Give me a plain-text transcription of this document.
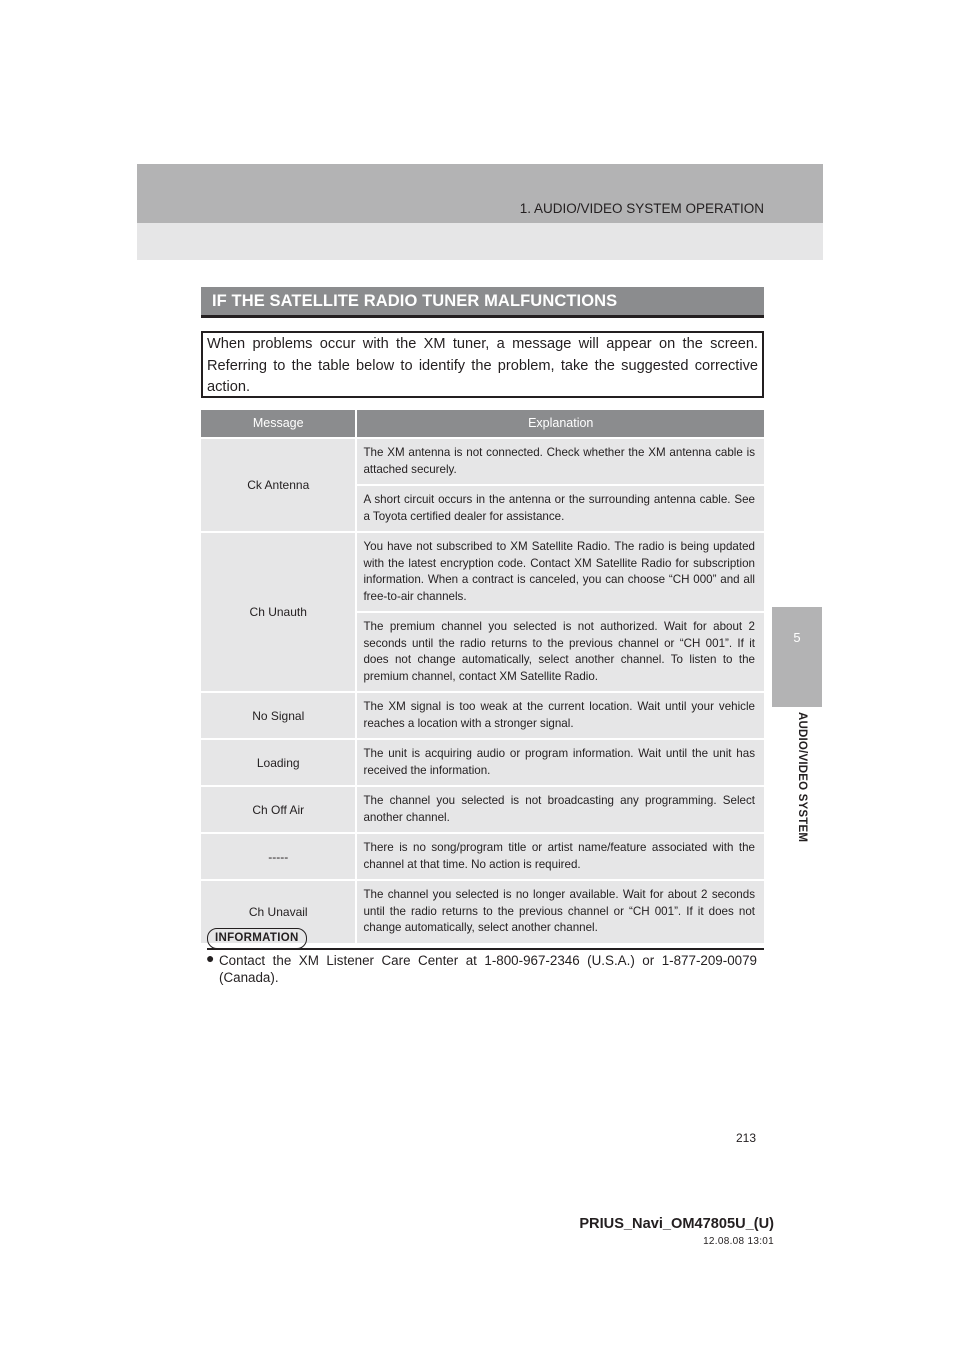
1. AUDIO/VIDEO SYSTEM OPERATION
5
AUDIO/VIDEO SYSTEM
IF THE SATELLITE RADIO TUNER MALFUNCTIONS
When problems occur with the XM tuner, a message will appear on the screen. Referring to the table below to identify the problem, take the suggested corrective action.
Message	Explanation
Ck Antenna
The XM antenna is not connected. Check whether the XM antenna cable is attached securely.
A short circuit occurs in the antenna or the surrounding antenna cable. See a Toyota certified dealer for assistance.
Ch Unauth
You have not subscribed to XM Satellite Radio. The radio is being updated with the latest encryption code. Contact XM Satellite Radio for subscription information. When a contract is canceled, you can choose “CH 000” and all free-to-air channels.
The premium channel you selected is not authorized. Wait for about 2 seconds until the radio returns to the previous channel or “CH 001”. If it does not change automatically, select another channel. To listen to the premium channel, contact XM Satellite Radio.
No Signal
The XM signal is too weak at the current location. Wait until your vehicle reaches a location with a stronger signal.
Loading
The unit is acquiring audio or program information. Wait until the unit has received the information.
Ch Off Air
The channel you selected is not broadcasting any programming. Select another channel.
-----
There is no song/program title or artist name/feature associated with the channel at that time. No action is required.
Ch Unavail
The channel you selected is no longer available. Wait for about 2 seconds until the radio returns to the previous channel or “CH 001”. If it does not change automatically, select another channel.
INFORMATION
● Contact the XM Listener Care Center at 1-800-967-2346 (U.S.A.) or 1-877-209-0079 (Canada).
213
PRIUS_Navi_OM47805U_(U)
12.08.08 13:01
